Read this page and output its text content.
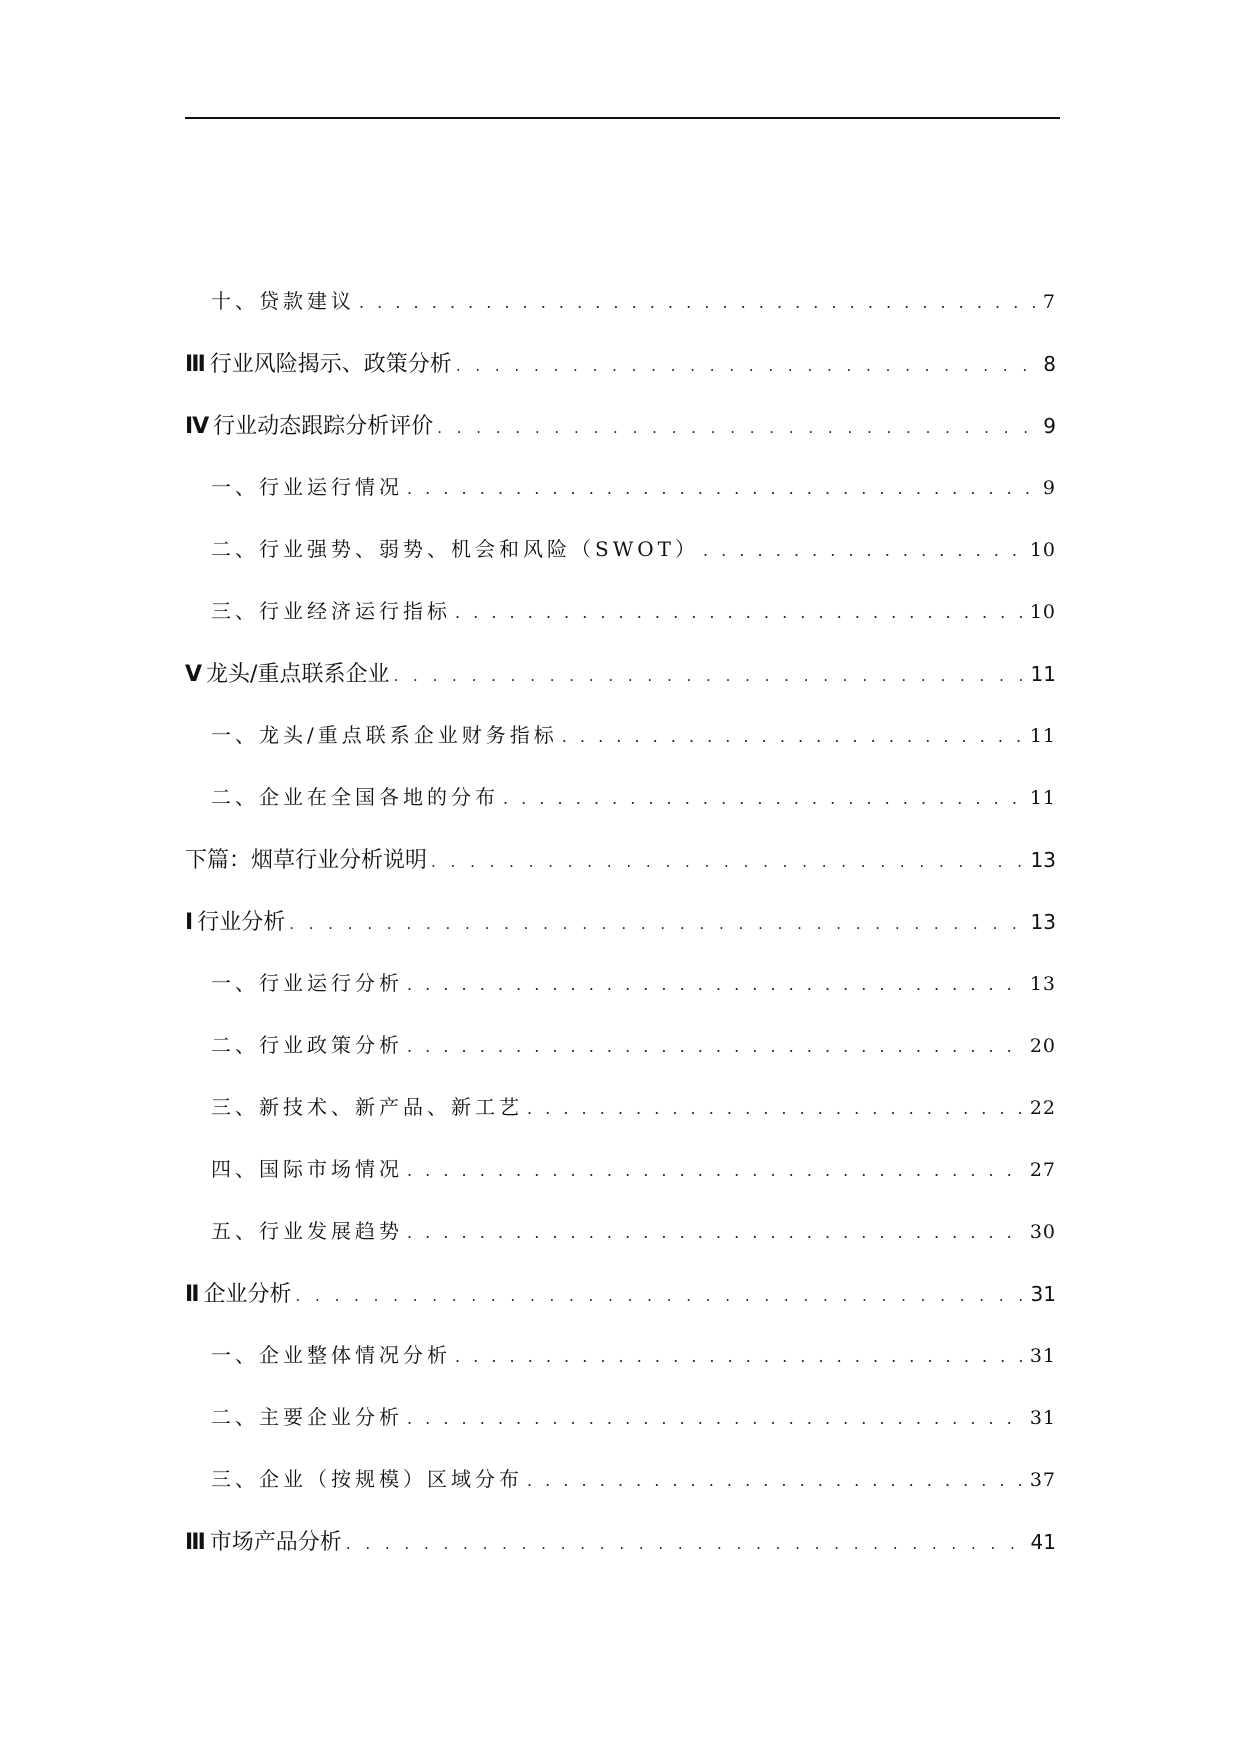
十、贷款建议 . . .	7
Ⅲ 行业风险揭示、政策分析 . . .	8
Ⅳ 行业动态跟踪分析评价 . . .	9
一、行业运行情况 . . .	9
二、行业强势、弱势、机会和风险（SWOT） . . .	10
三、行业经济运行指标 . . .	10
Ⅴ 龙头/重点联系企业 . . .	11
一、龙头/重点联系企业财务指标 . . .	11
二、企业在全国各地的分布 . . .	11
下篇：烟草行业分析说明 . . .	13
Ⅰ 行业分析 . . .	13
一、行业运行分析 . . .	13
二、行业政策分析 . . .	20
三、新技术、新产品、新工艺 . . .	22
四、国际市场情况 . . .	27
五、行业发展趋势 . . .	30
Ⅱ 企业分析 . . .	31
一、企业整体情况分析 . . .	31
二、主要企业分析 . . .	31
三、企业（按规模）区域分布 . . .	37
Ⅲ 市场产品分析 . . .	41
